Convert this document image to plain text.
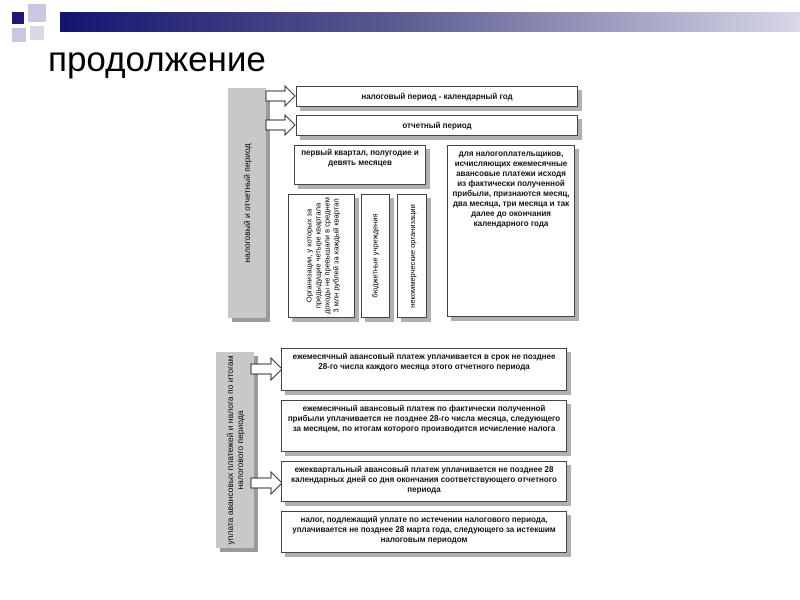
продолжение
налоговый и отчетный период
налоговый период - календарный год
отчетный период
первый квартал, полугодие и девять месяцев
для налогоплательщиков, исчисляющих ежемесячные авансовые платежи исходя из фактически полученной прибыли, признаются месяц, два месяца, три месяца и так далее до окончания календарного года
Организации, у которых за предыдущие четыре квартала доходы не превышали в среднем 3 млн рублей за каждый квартал	бюджетные учреждения	некоммерческие организации
уплата авансовых платежей и налога по итогам налогового периода
ежемесячный авансовый платеж уплачивается в срок не позднее 28-го числа каждого месяца этого отчетного периода
ежемесячный авансовый платеж по фактически полученной прибыли уплачивается не позднее 28-го числа месяца, следующего за месяцем, по итогам которого производится исчисление налога
ежеквартальный авансовый платеж уплачивается не позднее 28 календарных дней со дня окончания соответствующего отчетного периода
налог, подлежащий уплате по истечении налогового периода, уплачивается не позднее 28 марта года, следующего за истекшим налоговым периодом
